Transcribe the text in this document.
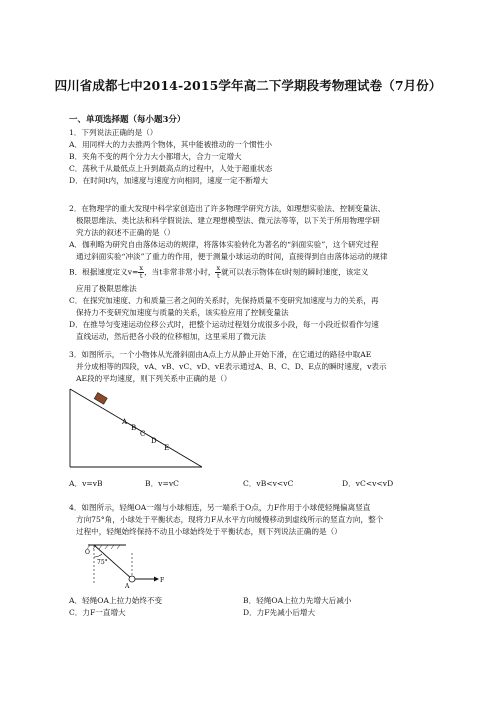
四川省成都七中2014-2015学年高二下学期段考物理试卷（7月份）
一、单项选择题（每小题3分）
1．下列说法正确的是（）
A．用同样大的力去推两个物体，其中能被推动的一个惯性小
B．夹角不变的两个分力大小都增大，合力一定增大
C．荡秋千从最低点上升到最高点的过程中，人处于超重状态
D．在时间t内，加速度与速度方向相同，速度一定不断增大
2．在物理学的重大发现中科学家创造出了许多物理学研究方法，如理想实验法、控制变量法、
极限思维法、类比法和科学假说法、建立理想模型法、微元法等等，以下关于所用物理学研
究方法的叙述不正确的是（）
A．伽利略为研究自由落体运动的规律，将落体实验转化为著名的“斜面实验”，这个研究过程
通过斜面实验“冲淡”了重力的作用，便于测量小球运动的时间，直接得到自由落体运动的规律
B．根据速度定义$v= \frac{x}{t}$ ，当t非常非常小时， $\frac{x}{t}$ 就可以表示物体在t时刻的瞬时速度，该定义
应用了极限思维法
C．在探究加速度、力和质量三者之间的关系时，先保持质量不变研究加速度与力的关系，再
保持力不变研究加速度与质量的关系，该实验应用了控制变量法
D．在推导匀变速运动位移公式时，把整个运动过程划分成很多小段，每一小段近似看作匀速
直线运动，然后把各小段的位移相加，这里采用了微元法
3．如图所示，一个小物体从光滑斜面由A点上方从静止开始下滑，在它通过的路径中取AE
并分成相等的四段，vA、vB、vC、vD、vE表示通过A、B、C、D、E点的瞬时速度，v表示
AE段的平均速度，则下列关系中正确的是（）
A
B
C
D
E
A．v=vB	B．v=vC	C．vB<v<vC	D．vC<v<vD
4．如图所示，轻绳OA一端与小球相连，另一端系于O点，力F作用于小球使轻绳偏离竖直
方向75°角，小球处于平衡状态，现将力F从水平方向缓慢移动到虚线所示的竖直方向，整个
过程中，轻绳始终保持不动且小球始终处于平衡状态，则下列说法正确的是（）
O
75°
A
F
A．轻绳OA上拉力始终不变	B．轻绳OA上拉力先增大后减小
C．力F一直增大	D．力F先减小后增大
